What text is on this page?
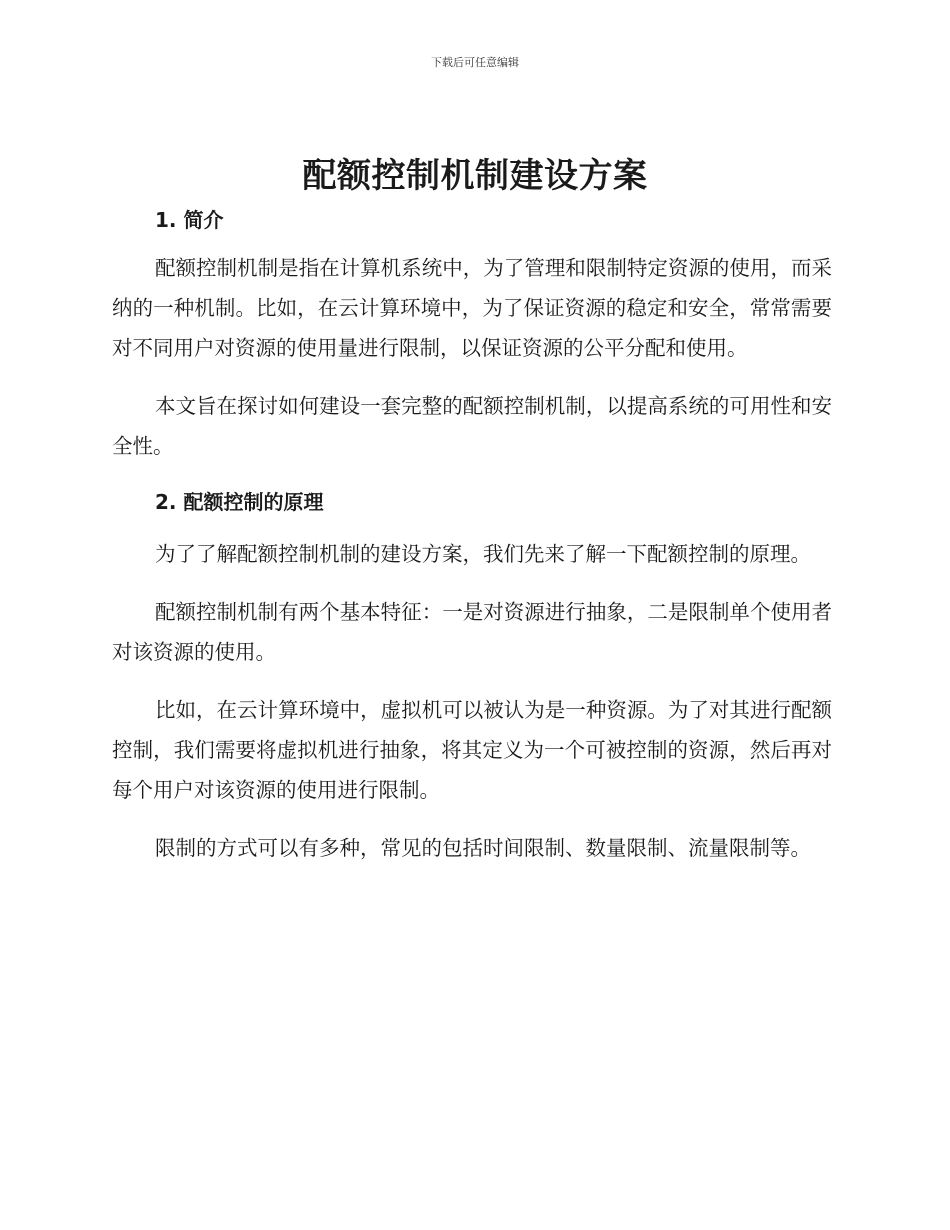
下载后可任意编辑
配额控制机制建设方案
1. 简介

配额控制机制是指在计算机系统中，为了管理和限制特定资源的使用，而采纳的一种机制。比如，在云计算环境中，为了保证资源的稳定和安全，常常需要对不同用户对资源的使用量进行限制，以保证资源的公平分配和使用。

本文旨在探讨如何建设一套完整的配额控制机制，以提高系统的可用性和安全性。

2. 配额控制的原理

为了了解配额控制机制的建设方案，我们先来了解一下配额控制的原理。

配额控制机制有两个基本特征：一是对资源进行抽象，二是限制单个使用者对该资源的使用。

比如，在云计算环境中，虚拟机可以被认为是一种资源。为了对其进行配额控制，我们需要将虚拟机进行抽象，将其定义为一个可被控制的资源，然后再对每个用户对该资源的使用进行限制。

限制的方式可以有多种，常见的包括时间限制、数量限制、流量限制等。
